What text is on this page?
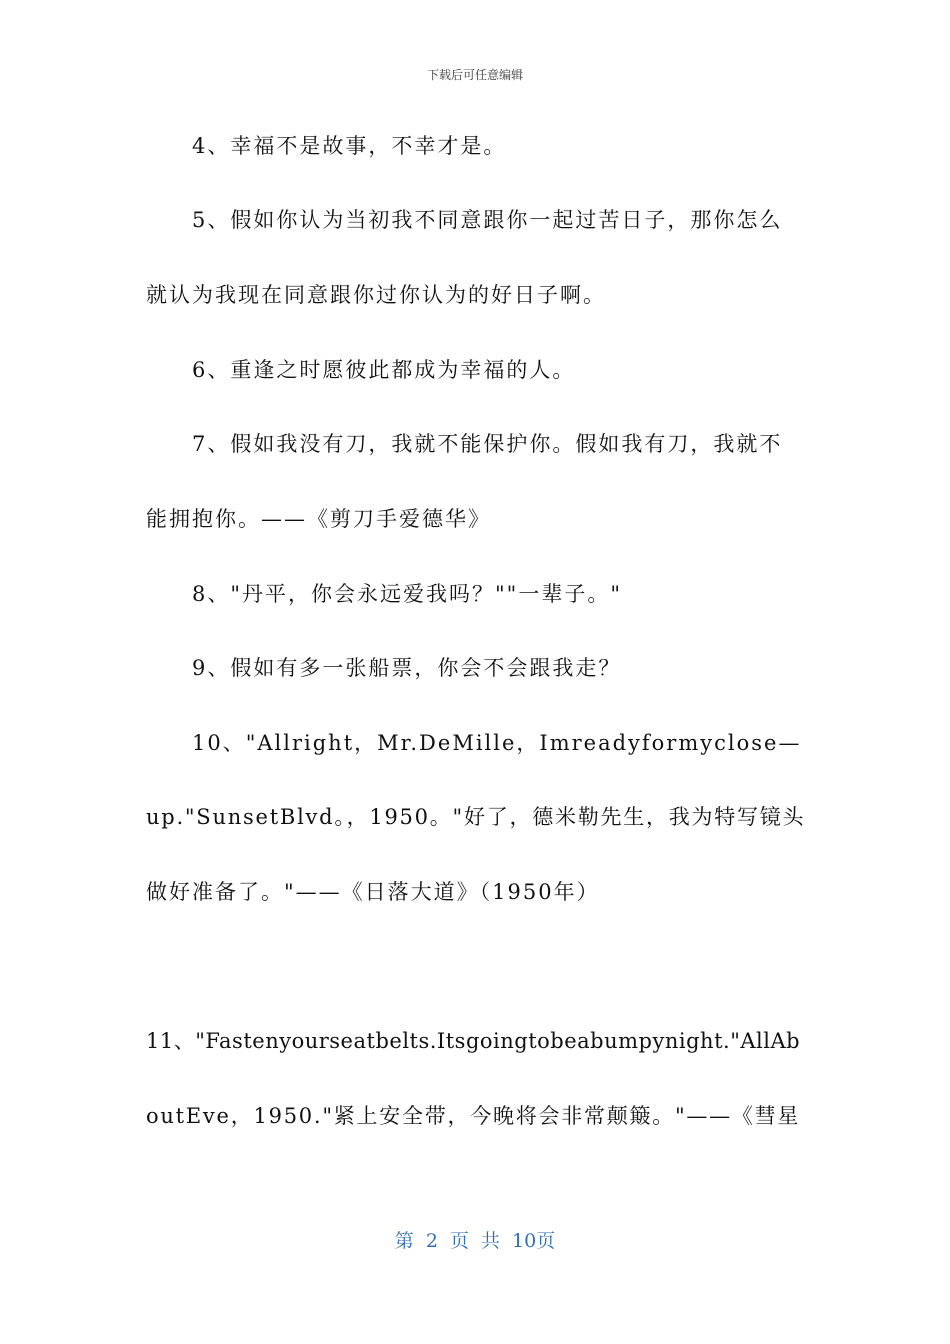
下载后可任意编辑
　　4、幸福不是故事，不幸才是。
　　5、假如你认为当初我不同意跟你一起过苦日子，那你怎么
就认为我现在同意跟你过你认为的好日子啊。
　　6、重逢之时愿彼此都成为幸福的人。
　　7、假如我没有刀，我就不能保护你。假如我有刀，我就不
能拥抱你。——《剪刀手爱德华》
　　8、"丹平，你会永远爱我吗？""一辈子。"
　　9、假如有多一张船票，你会不会跟我走？
　　10、"Allright，Mr.DeMille，Imreadyformyclose—
up."SunsetBlvd。，1950。"好了，德米勒先生，我为特写镜头
做好准备了。"——《日落大道》（1950年）
11、"Fastenyourseatbelts.Itsgoingtobeabumpynight."AllAb
outEve，1950."紧上安全带，今晚将会非常颠簸。"——《彗星
第 2 页 共 10页
